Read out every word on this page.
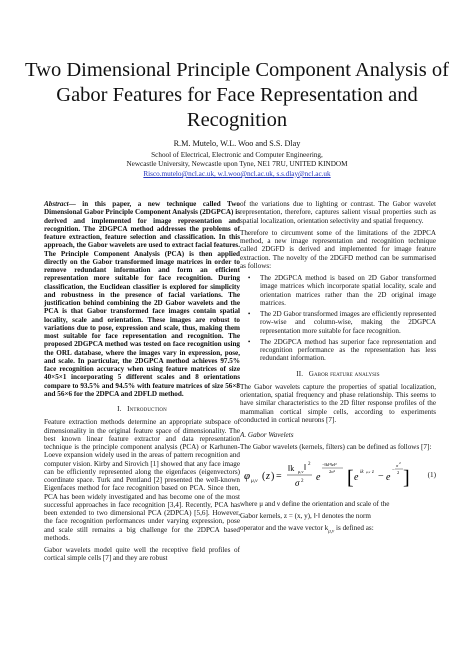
Two Dimensional Principle Component Analysis of Gabor Features for Face Representation and Recognition
R.M. Mutelo, W.L. Woo and S.S. Dlay
School of Electrical, Electronic and Computer Engineering,
Newcastle University, Newcastle upon Tyne, NE1 7RU, UNITED KINDOM
Risco.mutelo@ncl.ac.uk, w.l.woo@ncl.ac.uk, s.s.dlay@ncl.ac.uk

Abstract— in this paper, a new technique called Two Dimensional Gabor Principle Component Analysis (2DGPCA) is derived and implemented for image representation and recognition. The 2DGPCA method addresses the problems of feature extraction, feature selection and classification. In this approach, the Gabor wavelets are used to extract facial features. The Principle Component Analysis (PCA) is then applied directly on the Gabor transformed image matrices in order to remove redundant information and form an efficient representation more suitable for face recognition. During classification, the Euclidean classifier is explored for simplicity and robustness in the presence of facial variations. The justification behind combining the 2D Gabor wavelets and the PCA is that Gabor transformed face images contain spatial locality, scale and orientation. These images are robust to variations due to pose, expression and scale, thus, making them most suitable for face representation and recognition. The proposed 2DGPCA method was tested on face recognition using the ORL database, where the images vary in expression, pose, and scale. In particular, the 2DGPCA method achieves 97.5% face recognition accuracy when using feature matrices of size 40×5×1 incorporating 5 different scales and 8 orientations compare to 93.5% and 94.5% with feature matrices of size 56×8 and 56×6 for the 2DPCA and 2DFLD method.

I. Introduction

Feature extraction methods determine an appropriate subspace of dimensionality in the original feature space of dimensionality. The best known linear feature extractor and data representation technique is the principle component analysis (PCA) or Karhunen-Loeve expansion widely used in the areas of pattern recognition and computer vision. Kirby and Sirovich [1] showed that any face image can be efficiently represented along the eigenfaces (eigenvectors) coordinate space. Turk and Pentland [2] presented the well-known Eigenfaces method for face recognition based on PCA. Since then, PCA has been widely investigated and has become one of the most successful approaches in face recognition [3,4]. Recently, PCA has been extended to two dimensional PCA (2DPCA) [5,6]. However, the face recognition performances under varying expression, pose and scale still remains a big challenge for the 2DPCA based methods.

Gabor wavelets model quite well the receptive field profiles of cortical simple cells [7] and they are robust

of the variations due to lighting or contrast. The Gabor wavelet representation, therefore, captures salient visual properties such as spatial localization, orientation selectivity and spatial frequency.

Therefore to circumvent some of the limitations of the 2DPCA method, a new image representation and recognition technique called 2DGFD is derived and implemented for image feature extraction. The novelty of the 2DGFD method can be summarised as follows:

• The 2DGPCA method is based on 2D Gabor transformed image matrices which incorporate spatial locality, scale and orientation matrices rather than the 2D original image matrices.
• The 2D Gabor transformed images are efficiently represented row-wise and column-wise, making the 2DGPCA representation more suitable for face recognition.
• The 2DGPCA method has superior face representation and recognition performance as the representation has less redundant information.
II. Gabor feature analysis

The Gabor wavelets capture the properties of spatial localization, orientation, spatial frequency and phase relationship. This seems to have similar characteristics to the 2D filter response profiles of the mammalian cortical simple cells, according to experiments conducted in cortical neurons [7].

A. Gabor Wavelets

The Gabor wavelets (kernels, filters) can be defined as follows [7]:

φ μ,ν ( z ) =
‖k μ,ν ‖ 2
σ 2 e
−‖k‖²‖z‖²
2σ² [ e ik μ,ν z − e
−
σ 2
2 ]	(1)

where μ and ν define the orientation and scale of the

Gabor kernels, z = (x, y), ‖·‖ denotes the norm

operator and the wave vector $k_{\mu,\nu}$ is defined as:
